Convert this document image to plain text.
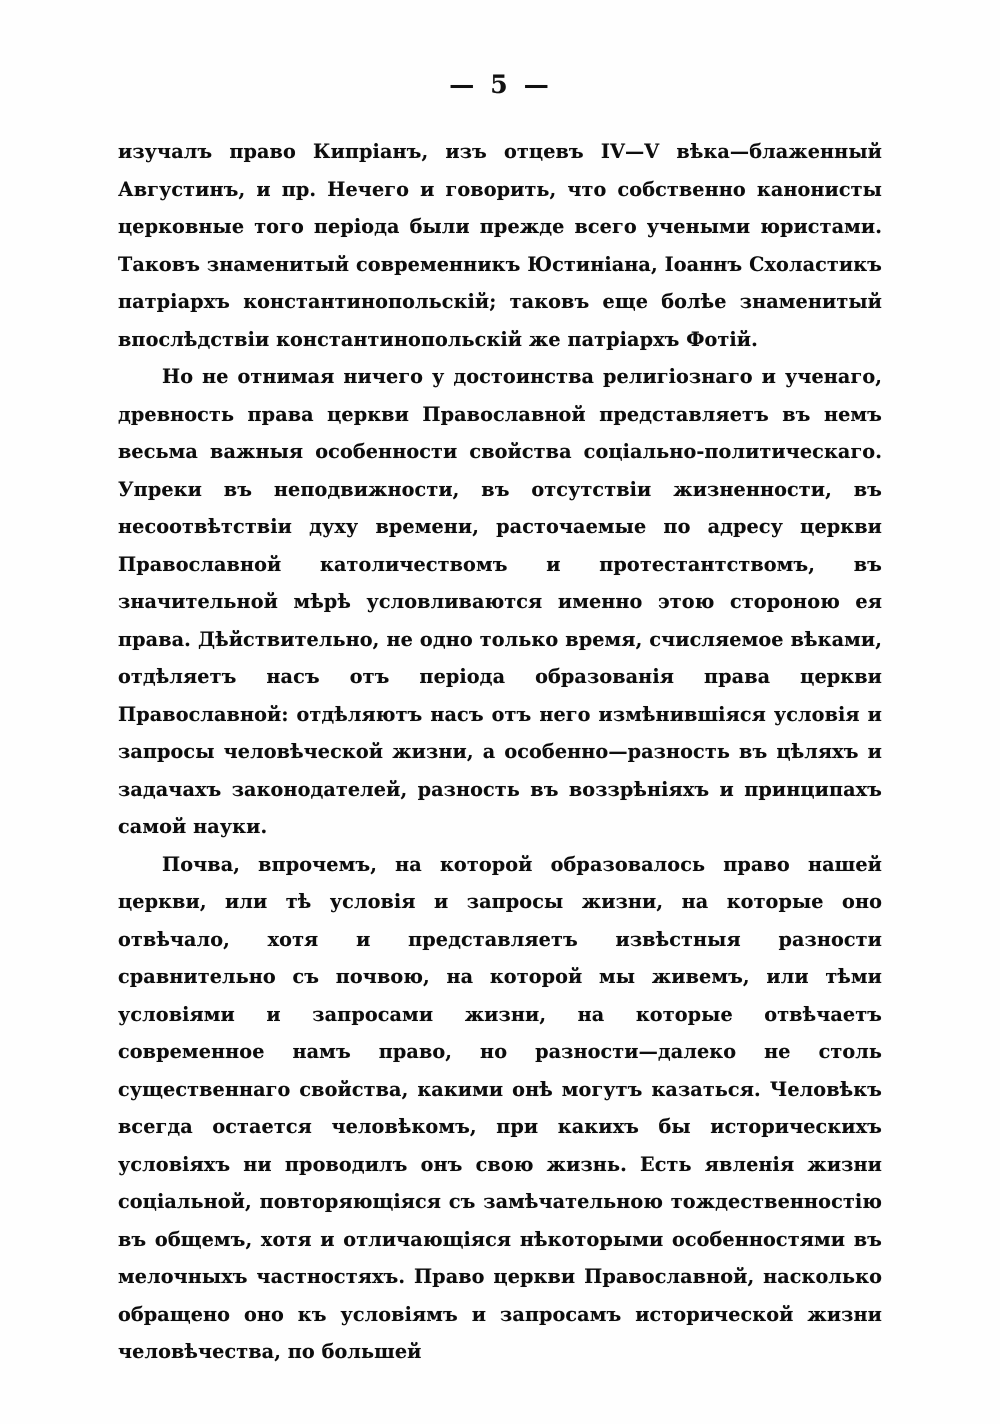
— 5 —

изучалъ право Кипріанъ, изъ отцевъ IV—V вѣка—блаженный Августинъ, и пр. Нечего и говорить, что собственно канонисты церковные того періода были прежде всего учеными юристами. Таковъ знаменитый современникъ Юстиніана, Іоаннъ Схоластикъ патріархъ константинопольскій; таковъ еще болѣе знаменитый впослѣдствіи константинопольскій же патріархъ Фотій.

Но не отнимая ничего у достоинства религіознаго и ученаго, древность права церкви Православной представляетъ въ немъ весьма важныя особенности свойства соціально-политическаго. Упреки въ неподвижности, въ отсутствіи жизненности, въ несоотвѣтствіи духу времени, расточаемые по адресу церкви Православной католичествомъ и протестантствомъ, въ значительной мѣрѣ условливаются именно этою стороною ея права. Дѣйствительно, не одно только время, счисляемое вѣками, отдѣляетъ насъ отъ періода образованія права церкви Православной: отдѣляютъ насъ отъ него измѣнившіяся условія и запросы человѣческой жизни, а особенно—разность въ цѣляхъ и задачахъ законодателей, разность въ воззрѣніяхъ и принципахъ самой науки.

Почва, впрочемъ, на которой образовалось право нашей церкви, или тѣ условія и запросы жизни, на которые оно отвѣчало, хотя и представляетъ извѣстныя разности сравнительно съ почвою, на которой мы живемъ, или тѣми условіями и запросами жизни, на которые отвѣчаетъ современное намъ право, но разности—далеко не столь существеннаго свойства, какими онѣ могутъ казаться. Человѣкъ всегда остается человѣкомъ, при какихъ бы историческихъ условіяхъ ни проводилъ онъ свою жизнь. Есть явленія жизни соціальной, повторяющіяся съ замѣчательною тождественностію въ общемъ, хотя и отличающіяся нѣкоторыми особенностями въ мелочныхъ частностяхъ. Право церкви Православной, насколько обращено оно къ условіямъ и запросамъ исторической жизни человѣчества, по большей
